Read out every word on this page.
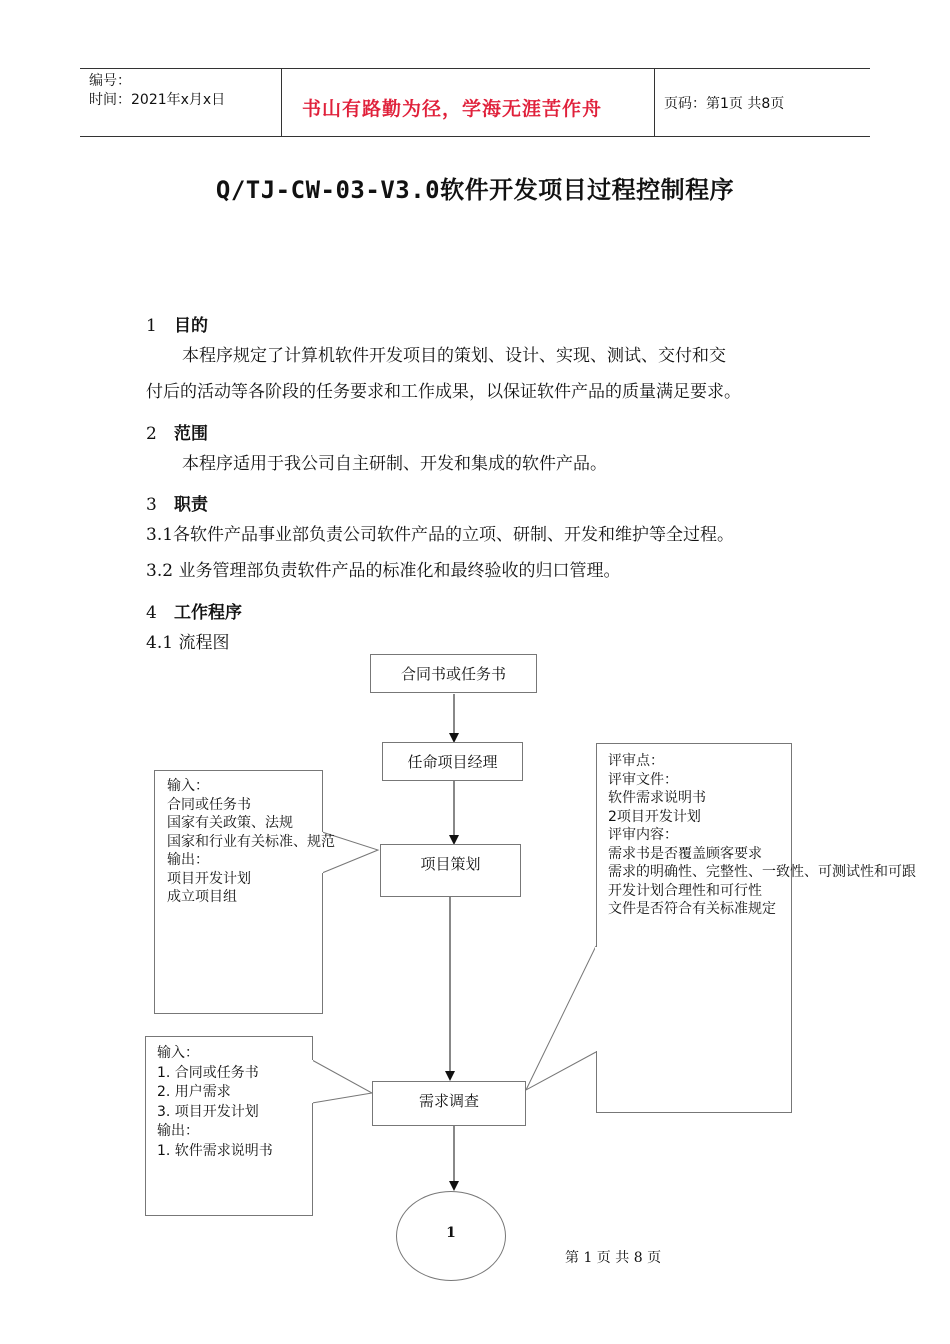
编号：
时间：2021年x月x日	书山有路勤为径，学海无涯苦作舟	页码：第1页 共8页
Q/TJ-CW-03-V3.0软件开发项目过程控制程序
1 目的
本程序规定了计算机软件开发项目的策划、设计、实现、测试、交付和交
付后的活动等各阶段的任务要求和工作成果，以保证软件产品的质量满足要求。
2 范围
本程序适用于我公司自主研制、开发和集成的软件产品。
3 职责
3.1各软件产品事业部负责公司软件产品的立项、研制、开发和维护等全过程。
3.2 业务管理部负责软件产品的标准化和最终验收的归口管理。
4 工作程序
4.1 流程图
合同书或任务书
任命项目经理
项目策划
需求调查
1
输入：
合同或任务书
国家有关政策、法规
国家和行业有关标准、规范
输出：
项目开发计划
成立项目组
评审点：
评审文件：
软件需求说明书
2项目开发计划
评审内容：
需求书是否覆盖顾客要求
需求的明确性、完整性、一致性、可测试性和可跟
开发计划合理性和可行性
文件是否符合有关标准规定
输入：
1. 合同或任务书
2. 用户需求
3. 项目开发计划
输出：
1. 软件需求说明书
第 1 页 共 8 页
